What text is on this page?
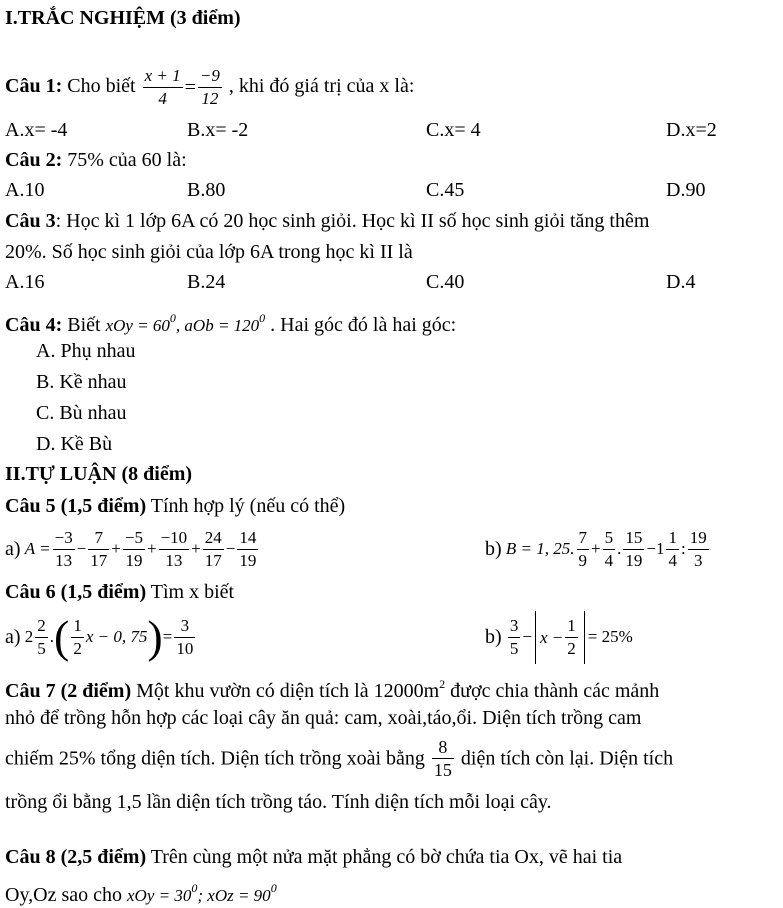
I.TRẮC NGHIỆM (3 điểm)
Câu 1: Cho biết $\frac{x + 1}{4} = \frac{-9}{12}$ , khi đó giá trị của x là:
A.x= -4	B.x= -2	C.x= 4	D.x=2
Câu 2: 75% của 60 là:
A.10	B.80	C.45	D.90
Câu 3: Học kì 1 lớp 6A có 20 học sinh giỏi. Học kì II số học sinh giỏi tăng thêm
20%. Số học sinh giỏi của lớp 6A trong học kì II là
A.16	B.24	C.40	D.4
Câu 4: Biết xOy = $60^0$, aOb = $120^0$ . Hai góc đó là hai góc:
A. Phụ nhau
B. Kề nhau
C. Bù nhau
D. Kề Bù
II.TỰ LUẬN (8 điểm)
Câu 5 (1,5 điểm) Tính hợp lý (nếu có thể)
a) $A = \frac{-3}{13} - \frac{7}{17} + \frac{-5}{19} + \frac{-10}{13} + \frac{24}{17} - \frac{14}{19}$	b) B = 1, 25. $\frac{7}{9} + \frac{5}{4}$ . $\frac{15}{19} -1 \frac{1}{4}$ : $\frac{19}{3}$
Câu 6 (1,5 điểm) Tìm x biết
a) $2 \frac{2}{5}$ .( $\frac{1}{2}$ x − 0, $75)= \frac{3}{10}$	$b) \frac{3}{5} - x - \frac{1}{2} = 25\%$
Câu 7 (2 điểm) Một khu vườn có diện tích là $12000m^2$ được chia thành các mảnh
nhỏ để trồng hỗn hợp các loại cây ăn quả: cam, xoài,táo,ổi. Diện tích trồng cam
chiếm 25% tổng diện tích. Diện tích trồng xoài bằng $\frac{8}{15}$ diện tích còn lại. Diện tích
trồng ổi bằng 1,5 lần diện tích trồng táo. Tính diện tích mỗi loại cây.
Câu 8 (2,5 điểm) Trên cùng một nửa mặt phẳng có bờ chứa tia Ox, vẽ hai tia
Oy,Oz sao cho xOy = $30^0$; xOz = $90^0$
